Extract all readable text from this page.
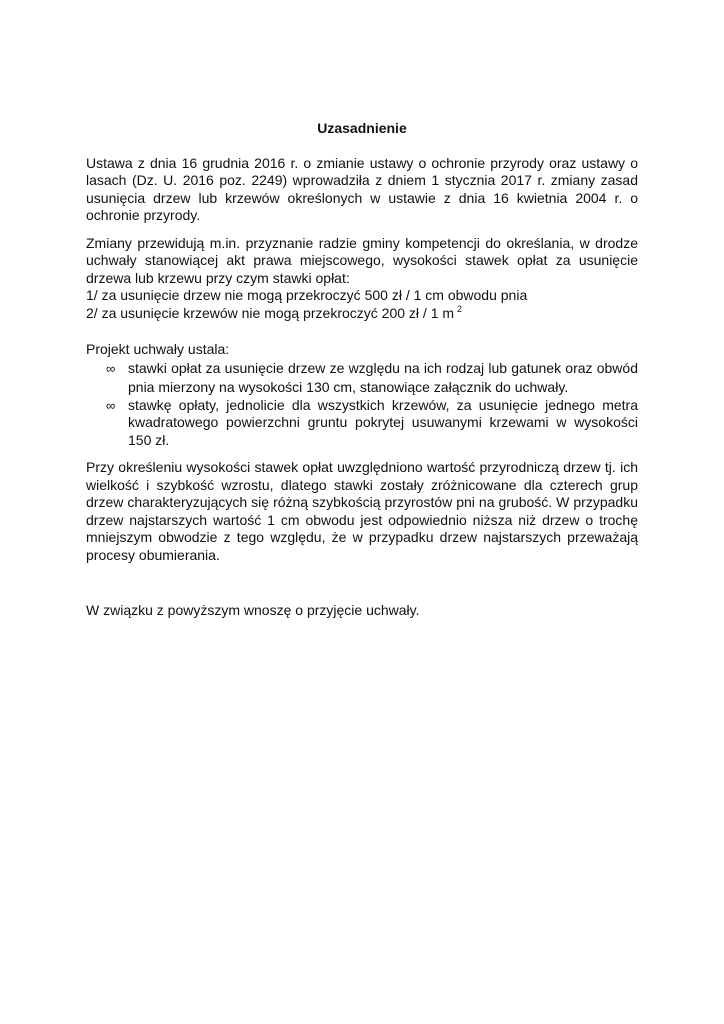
Uzasadnienie

Ustawa z dnia 16 grudnia 2016 r. o zmianie ustawy o ochronie przyrody oraz ustawy o lasach (Dz. U. 2016 poz. 2249) wprowadziła z dniem 1 stycznia 2017 r. zmiany zasad usunięcia drzew lub krzewów określonych w ustawie z dnia 16 kwietnia 2004 r. o ochronie przyrody.

Zmiany przewidują m.in. przyznanie radzie gminy kompetencji do określania, w drodze uchwały stanowiącej akt prawa miejscowego, wysokości stawek opłat za usunięcie drzewa lub krzewu przy czym stawki opłat:

1/ za usunięcie drzew nie mogą przekroczyć 500 zł / 1 cm obwodu pnia
2/ za usunięcie krzewów nie mogą przekroczyć 200 zł / 1 m $^2$

Projekt uchwały ustala:

∞ stawki opłat za usunięcie drzew ze względu na ich rodzaj lub gatunek oraz obwód pnia mierzony na wysokości 130 cm, stanowiące załącznik do uchwały.
∞ stawkę opłaty, jednolicie dla wszystkich krzewów, za usunięcie jednego metra kwadratowego powierzchni gruntu pokrytej usuwanymi krzewami w wysokości 150 zł.

Przy określeniu wysokości stawek opłat uwzględniono wartość przyrodniczą drzew tj. ich wielkość i szybkość wzrostu, dlatego stawki zostały zróżnicowane dla czterech grup drzew charakteryzujących się różną szybkością przyrostów pni na grubość. W przypadku drzew najstarszych wartość 1 cm obwodu jest odpowiednio niższa niż drzew o trochę mniejszym obwodzie z tego względu, że w przypadku drzew najstarszych przeważają procesy obumierania.

W związku z powyższym wnoszę o przyjęcie uchwały.
